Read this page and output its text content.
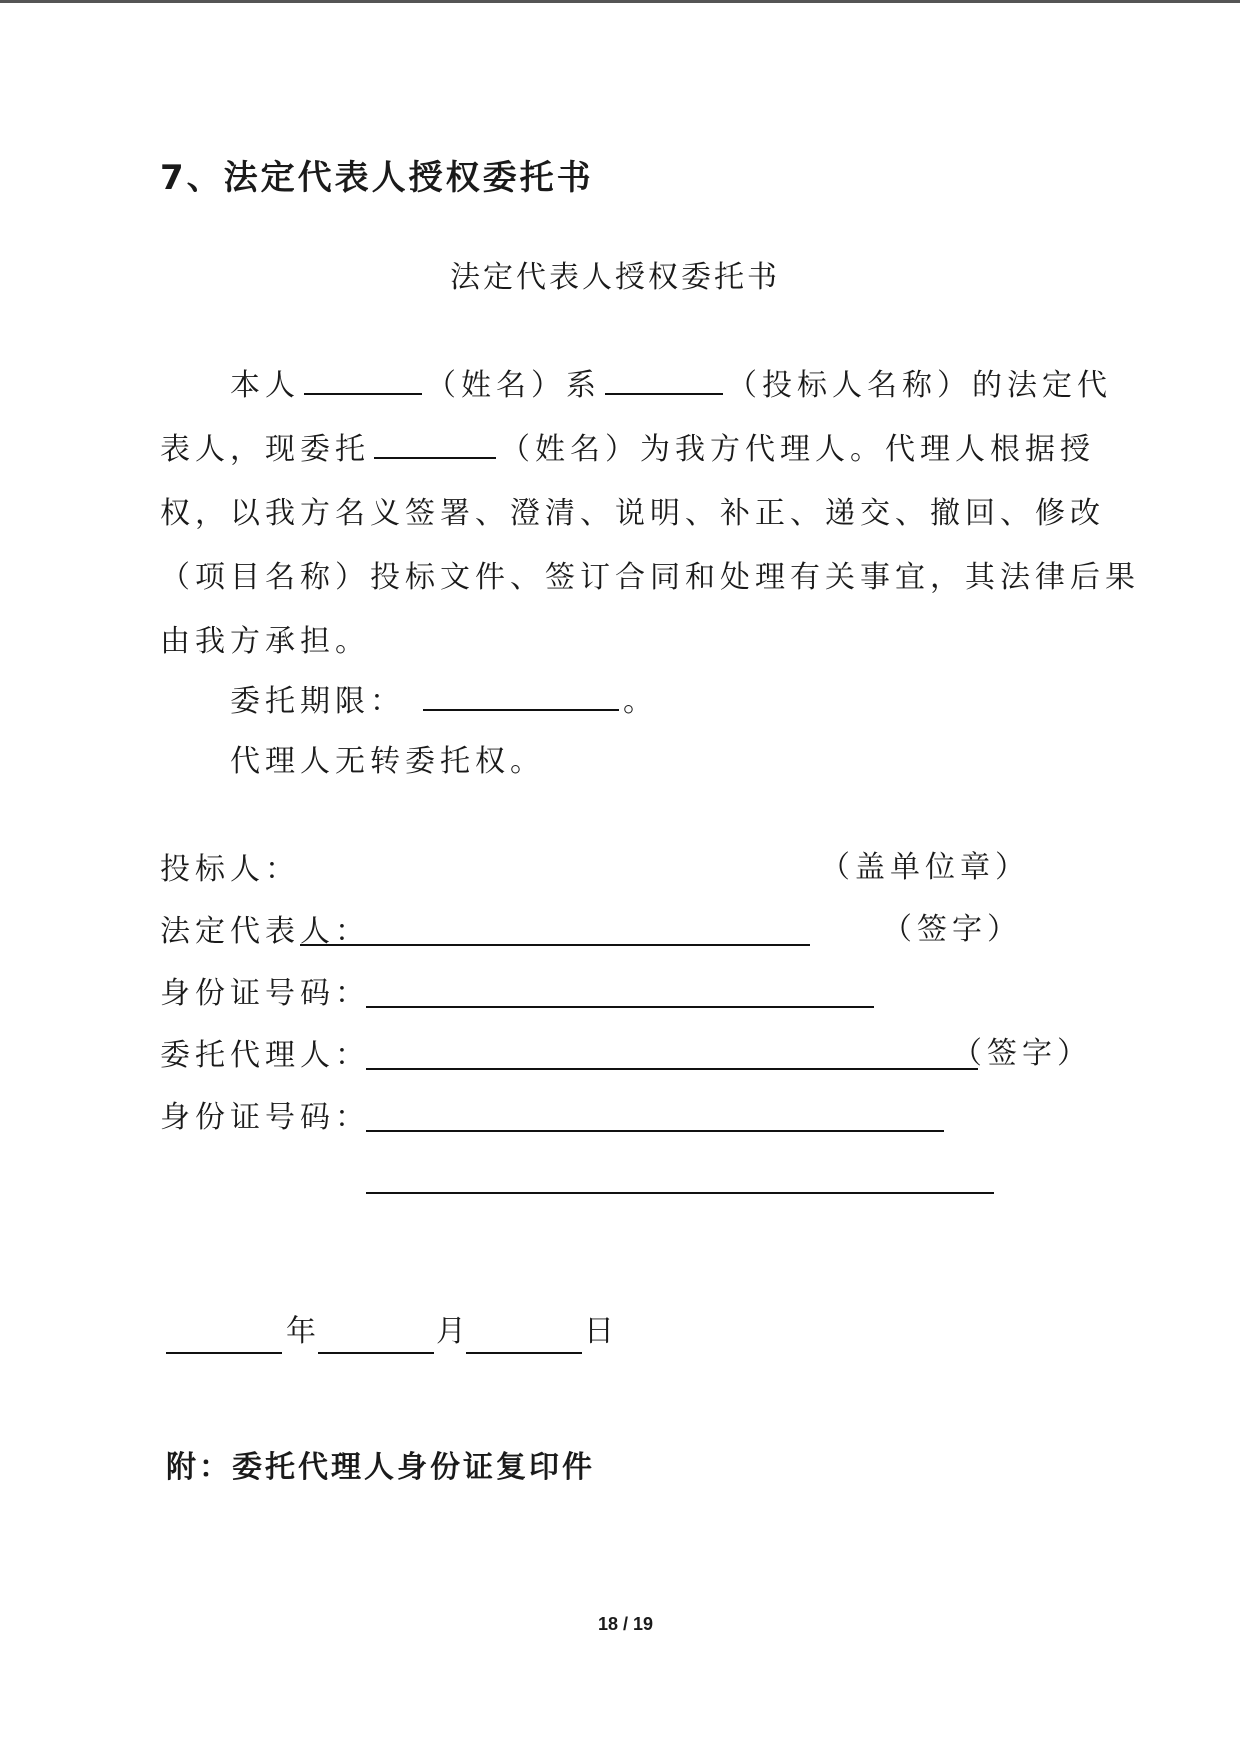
7、法定代表人授权委托书
法定代表人授权委托书
本人	（姓名）系	（投标人名称）的法定代
表人，现委托	（姓名）为我方代理人。代理人根据授
权，以我方名义签署、澄清、说明、补正、递交、撤回、修改
（项目名称）投标文件、签订合同和处理有关事宜，其法律后果
由我方承担。
委托期限：	。
代理人无转委托权。
投标人：	（盖单位章）
法定代表人：	（签字）
身份证号码：
委托代理人：	（签字）
身份证号码：
年	月	日
附：委托代理人身份证复印件
18 / 19
